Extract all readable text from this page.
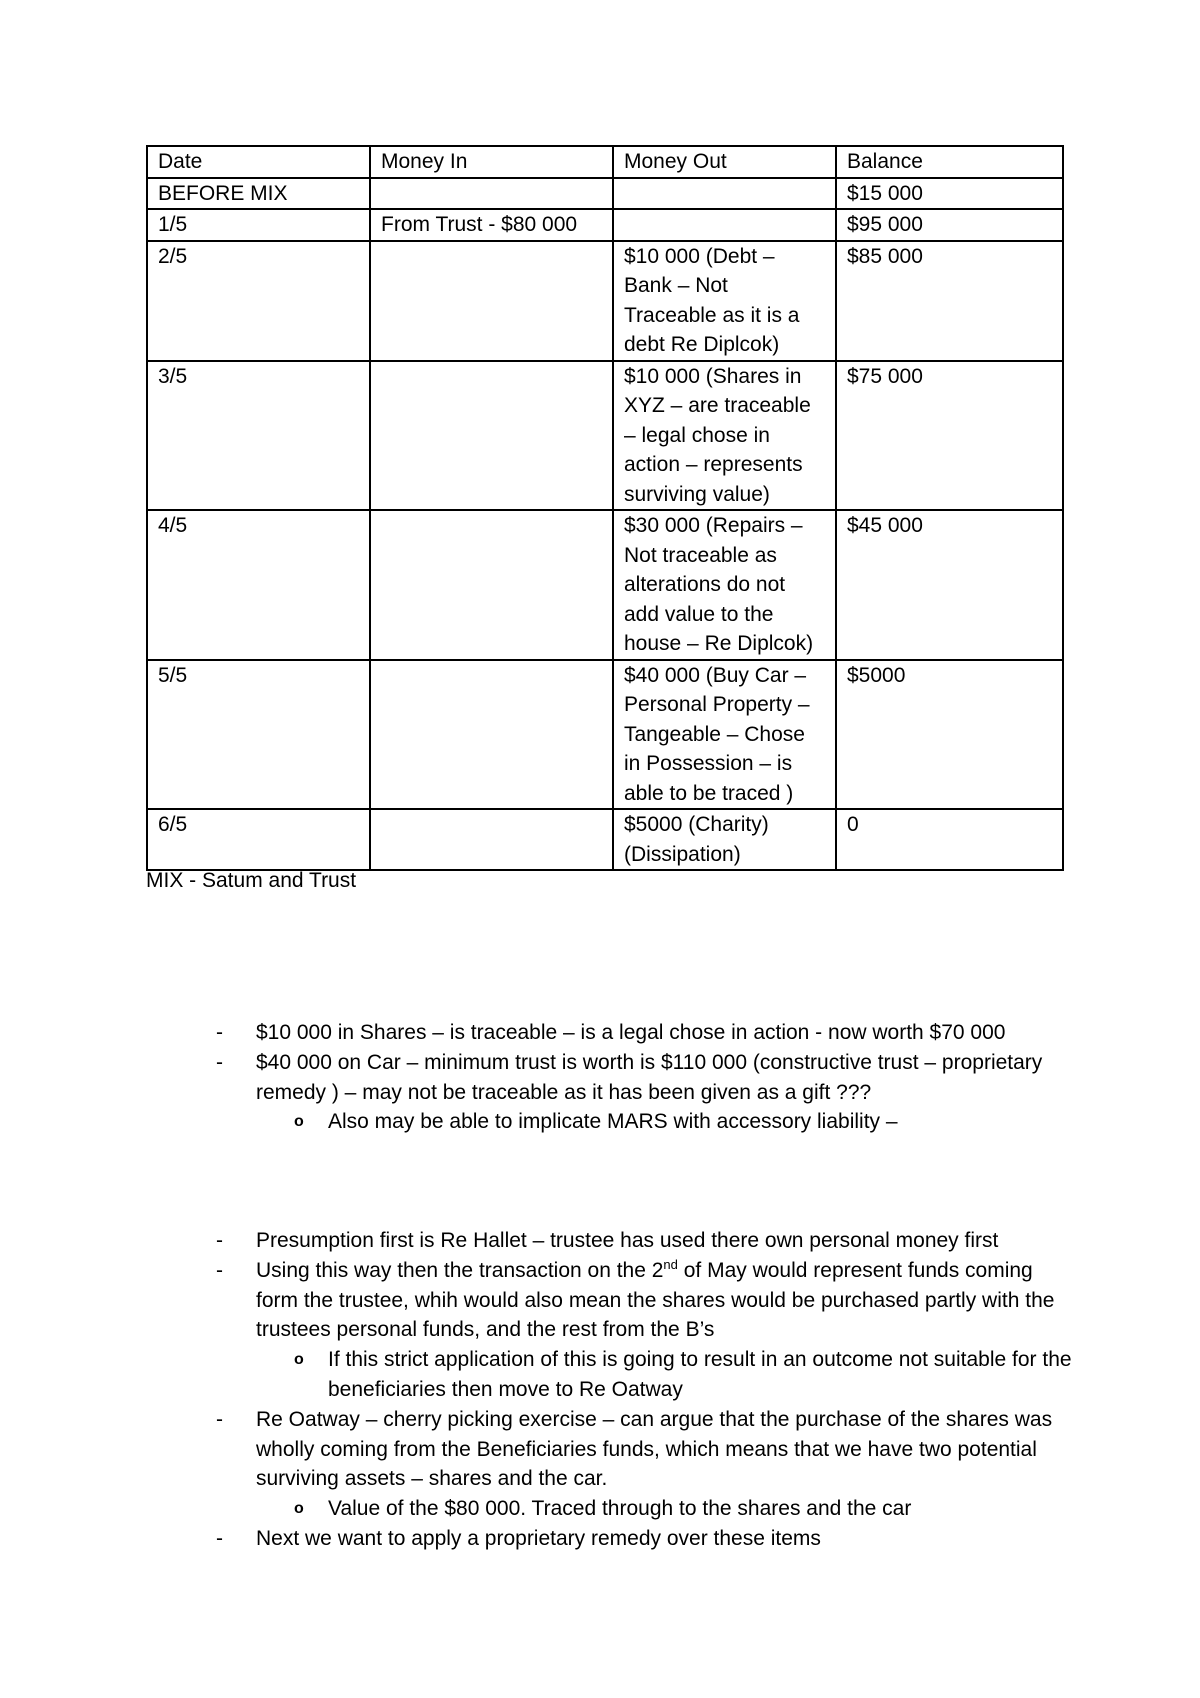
Date	Money In	Money Out	Balance
BEFORE MIX			$15 000
1/5	From Trust - $80 000		$95 000
2/5		$10 000 (Debt – Bank – Not Traceable as it is a debt Re Diplcok)	$85 000
3/5		$10 000 (Shares in XYZ – are traceable – legal chose in action – represents surviving value)	$75 000
4/5		$30 000 (Repairs – Not traceable as alterations do not add value to the house – Re Diplcok)	$45 000
5/5		$40 000 (Buy Car – Personal Property – Tangeable – Chose in Possession – is able to be traced )	$5000
6/5		$5000 (Charity) (Dissipation)	0
MIX - Satum and Trust
- $10 000 in Shares – is traceable – is a legal chose in action - now worth $70 000
- $40 000 on Car – minimum trust is worth is $110 000 (constructive trust – proprietary remedy ) – may not be traceable as it has been given as a gift ???
o Also may be able to implicate MARS with accessory liability –
- Presumption first is Re Hallet – trustee has used there own personal money first
- Using this way then the transaction on the 2nd of May would represent funds coming form the trustee, whih would also mean the shares would be purchased partly with the trustees personal funds, and the rest from the B’s
o If this strict application of this is going to result in an outcome not suitable for the beneficiaries then move to Re Oatway
- Re Oatway – cherry picking exercise – can argue that the purchase of the shares was wholly coming from the Beneficiaries funds, which means that we have two potential surviving assets – shares and the car.
o Value of the $80 000. Traced through to the shares and the car
- Next we want to apply a proprietary remedy over these items
